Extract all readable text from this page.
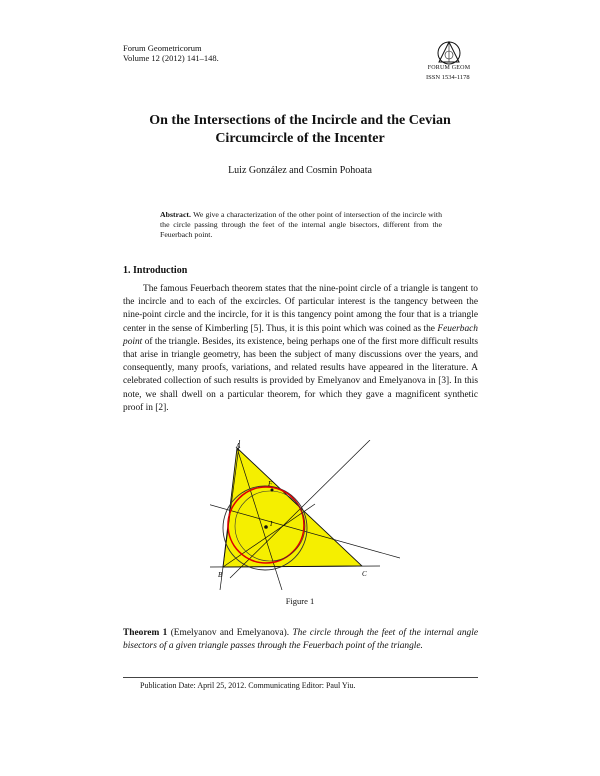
Forum Geometricorum
Volume 12 (2012) 141–148.
FORUM GEOM
ISSN 1534-1178
On the Intersections of the Incircle and the Cevian
Circumcircle of the Incenter
Luiz González and Cosmin Pohoata
Abstract. We give a characterization of the other point of intersection of the incircle with the circle passing through the feet of the internal angle bisectors, different from the Feuerbach point.
1. Introduction
The famous Feuerbach theorem states that the nine-point circle of a triangle is tangent to the incircle and to each of the excircles. Of particular interest is the tangency between the nine-point circle and the incircle, for it is this tangency point among the four that is a triangle center in the sense of Kimberling [5]. Thus, it is this point which was coined as the Feuerbach point of the triangle. Besides, its existence, being perhaps one of the first more difficult results that arise in triangle geometry, has been the subject of many discussions over the years, and consequently, many proofs, variations, and related results have appeared in the literature. A celebrated collection of such results is provided by Emelyanov and Emelyanova in [3]. In this note, we shall dwell on a particular theorem, for which they gave a magnificent synthetic proof in [2].
A
B	C
I
F
Figure 1
Theorem 1 (Emelyanov and Emelyanova). The circle through the feet of the internal angle bisectors of a given triangle passes through the Feuerbach point of the triangle.
Publication Date: April 25, 2012. Communicating Editor: Paul Yiu.
